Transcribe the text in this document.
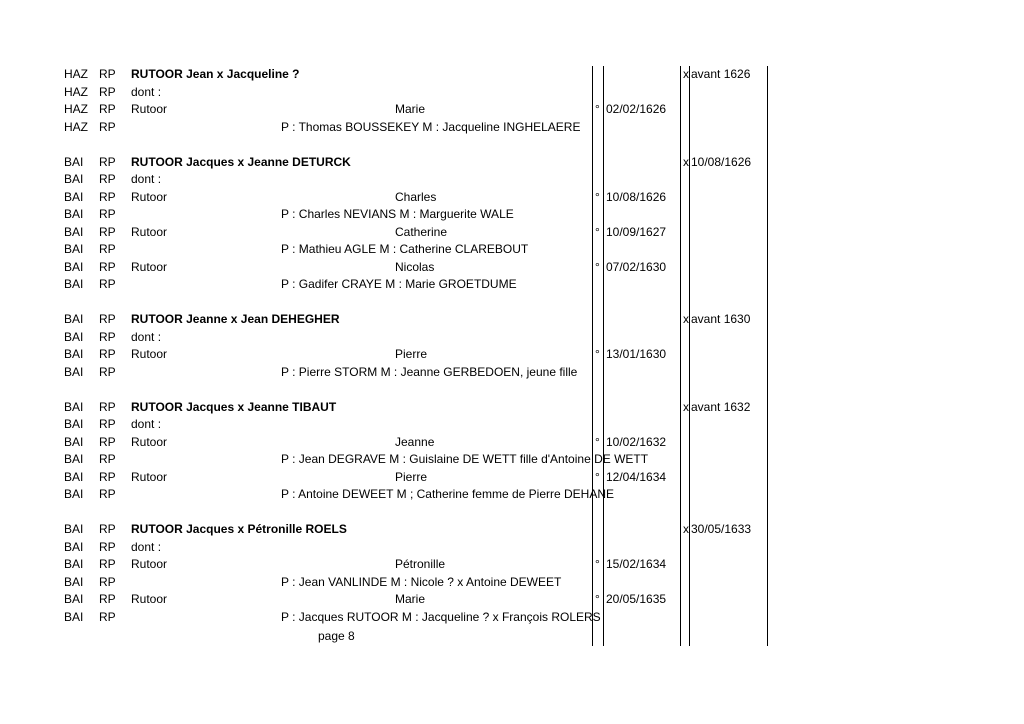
HAZ RP RUTOOR Jean x Jacqueline ?	x avant 1626
HAZ RP dont :
HAZ RP Rutoor	Marie	° 02/02/1626
HAZ RP	P : Thomas BOUSSEKEY M : Jacqueline INGHELAERE
BAI RP RUTOOR Jacques x Jeanne DETURCK	x 10/08/1626
BAI RP dont :
BAI RP Rutoor	Charles	° 10/08/1626
BAI RP	P : Charles NEVIANS M : Marguerite WALE
BAI RP Rutoor	Catherine	° 10/09/1627
BAI RP	P : Mathieu AGLE M : Catherine CLAREBOUT
BAI RP Rutoor	Nicolas	° 07/02/1630
BAI RP	P : Gadifer CRAYE M : Marie GROETDUME
BAI RP RUTOOR Jeanne x Jean DEHEGHER	x avant 1630
BAI RP dont :
BAI RP Rutoor	Pierre	° 13/01/1630
BAI RP	P : Pierre STORM M : Jeanne GERBEDOEN, jeune fille
BAI RP RUTOOR Jacques x Jeanne TIBAUT	x avant 1632
BAI RP dont :
BAI RP Rutoor	Jeanne	° 10/02/1632
BAI RP	P : Jean DEGRAVE M : Guislaine DE WETT fille d'Antoine DE WETT
BAI RP Rutoor	Pierre	° 12/04/1634
BAI RP	P : Antoine DEWEET M ; Catherine femme de Pierre DEHANE
BAI RP RUTOOR Jacques x Pétronille ROELS	x 30/05/1633
BAI RP dont :
BAI RP Rutoor	Pétronille	° 15/02/1634
BAI RP	P : Jean VANLINDE M : Nicole ? x Antoine DEWEET
BAI RP Rutoor	Marie	° 20/05/1635
BAI RP	P : Jacques RUTOOR M : Jacqueline ? x François ROLERS
page 8
